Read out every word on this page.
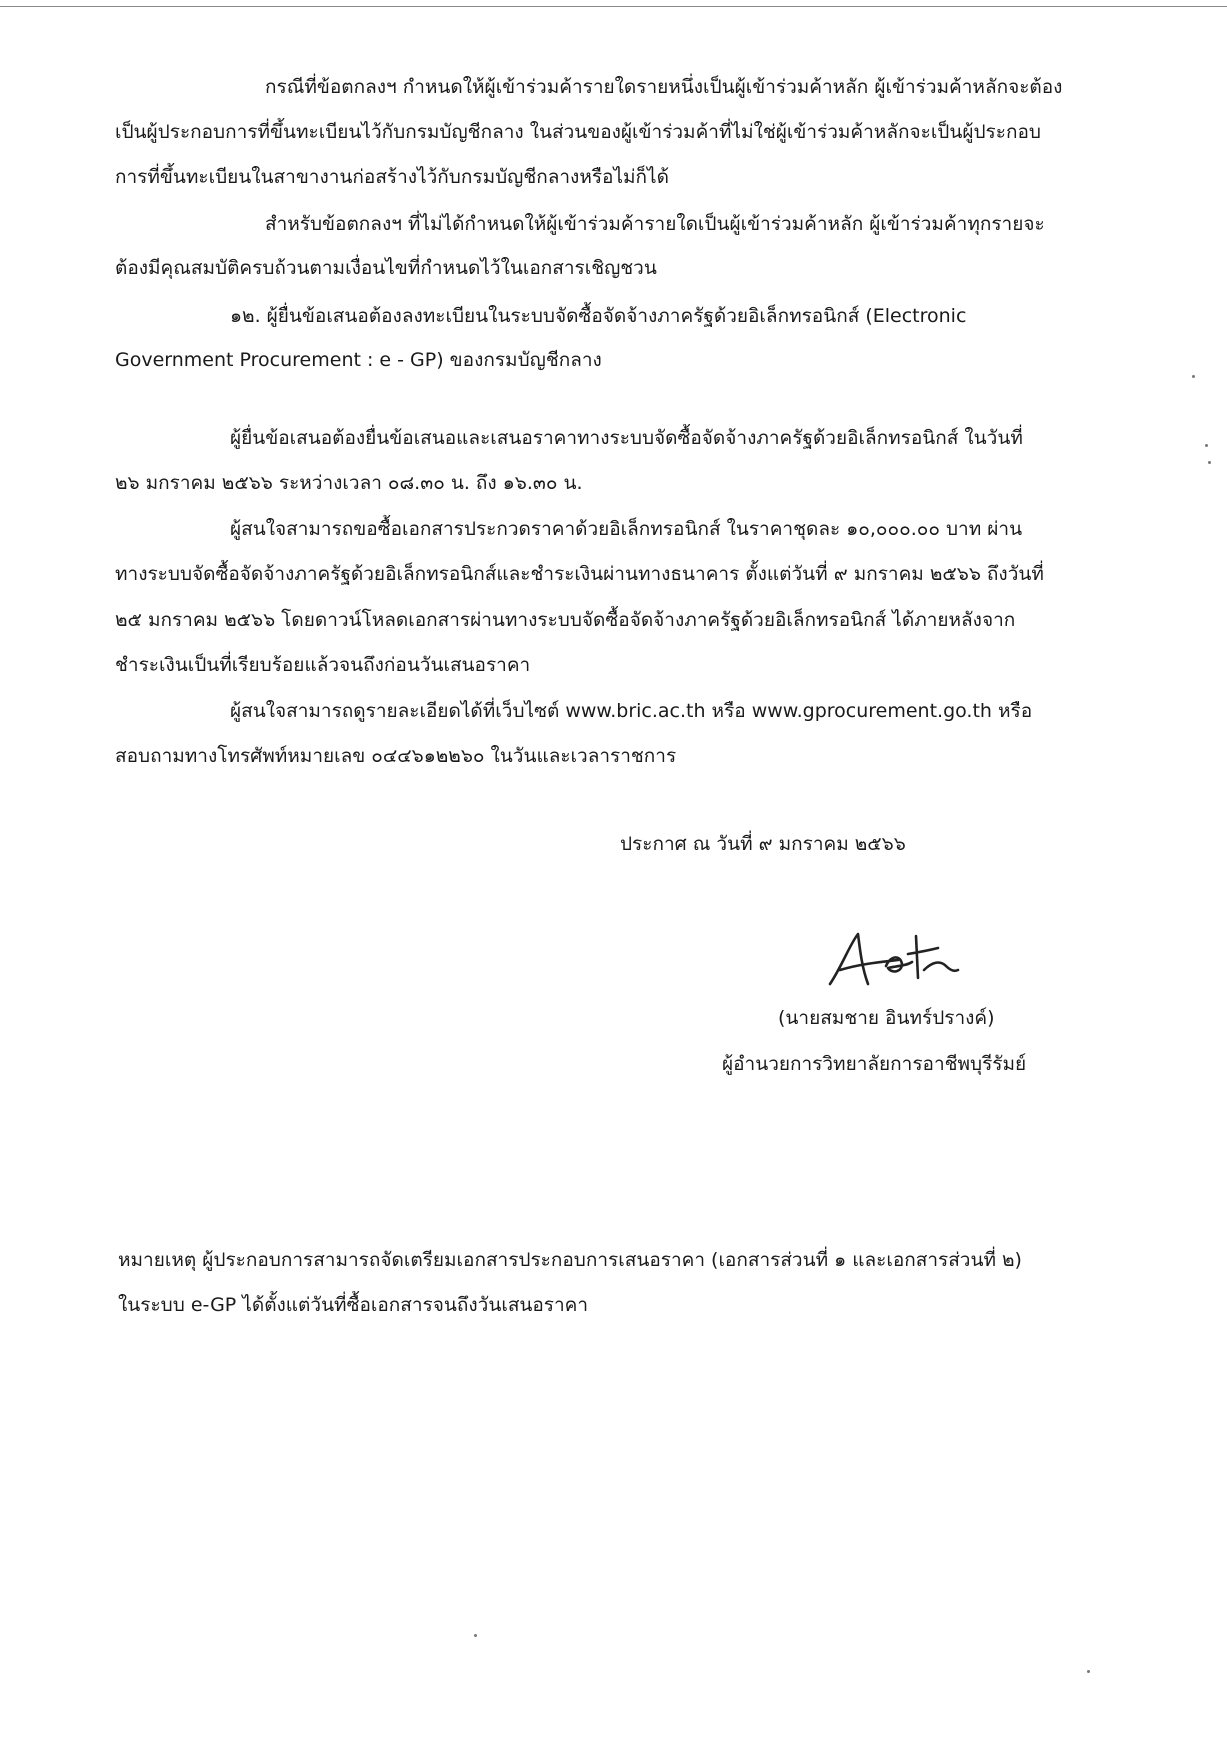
กรณีที่ข้อตกลงฯ กำหนดให้ผู้เข้าร่วมค้ารายใดรายหนึ่งเป็นผู้เข้าร่วมค้าหลัก ผู้เข้าร่วมค้าหลักจะต้อง

เป็นผู้ประกอบการที่ขึ้นทะเบียนไว้กับกรมบัญชีกลาง ในส่วนของผู้เข้าร่วมค้าที่ไม่ใช่ผู้เข้าร่วมค้าหลักจะเป็นผู้ประกอบ

การที่ขึ้นทะเบียนในสาขางานก่อสร้างไว้กับกรมบัญชีกลางหรือไม่ก็ได้

สำหรับข้อตกลงฯ ที่ไม่ได้กำหนดให้ผู้เข้าร่วมค้ารายใดเป็นผู้เข้าร่วมค้าหลัก ผู้เข้าร่วมค้าทุกรายจะ

ต้องมีคุณสมบัติครบถ้วนตามเงื่อนไขที่กำหนดไว้ในเอกสารเชิญชวน

๑๒. ผู้ยื่นข้อเสนอต้องลงทะเบียนในระบบจัดซื้อจัดจ้างภาครัฐด้วยอิเล็กทรอนิกส์ (Electronic

Government Procurement : e - GP) ของกรมบัญชีกลาง

ผู้ยื่นข้อเสนอต้องยื่นข้อเสนอและเสนอราคาทางระบบจัดซื้อจัดจ้างภาครัฐด้วยอิเล็กทรอนิกส์ ในวันที่

๒๖ มกราคม ๒๕๖๖ ระหว่างเวลา ๐๘.๓๐ น. ถึง ๑๖.๓๐ น.

ผู้สนใจสามารถขอซื้อเอกสารประกวดราคาด้วยอิเล็กทรอนิกส์ ในราคาชุดละ ๑๐,๐๐๐.๐๐ บาท ผ่าน

ทางระบบจัดซื้อจัดจ้างภาครัฐด้วยอิเล็กทรอนิกส์และชำระเงินผ่านทางธนาคาร ตั้งแต่วันที่ ๙ มกราคม ๒๕๖๖ ถึงวันที่

๒๕ มกราคม ๒๕๖๖ โดยดาวน์โหลดเอกสารผ่านทางระบบจัดซื้อจัดจ้างภาครัฐด้วยอิเล็กทรอนิกส์ ได้ภายหลังจาก

ชำระเงินเป็นที่เรียบร้อยแล้วจนถึงก่อนวันเสนอราคา

ผู้สนใจสามารถดูรายละเอียดได้ที่เว็บไซต์ www.bric.ac.th หรือ www.gprocurement.go.th หรือ

สอบถามทางโทรศัพท์หมายเลข ๐๔๔๖๑๒๒๖๐ ในวันและเวลาราชการ

ประกาศ ณ วันที่ ๙ มกราคม ๒๕๖๖

(นายสมชาย อินทร์ปรางค์)

ผู้อำนวยการวิทยาลัยการอาชีพบุรีรัมย์

หมายเหตุ ผู้ประกอบการสามารถจัดเตรียมเอกสารประกอบการเสนอราคา (เอกสารส่วนที่ ๑ และเอกสารส่วนที่ ๒)

ในระบบ e-GP ได้ตั้งแต่วันที่ซื้อเอกสารจนถึงวันเสนอราคา
